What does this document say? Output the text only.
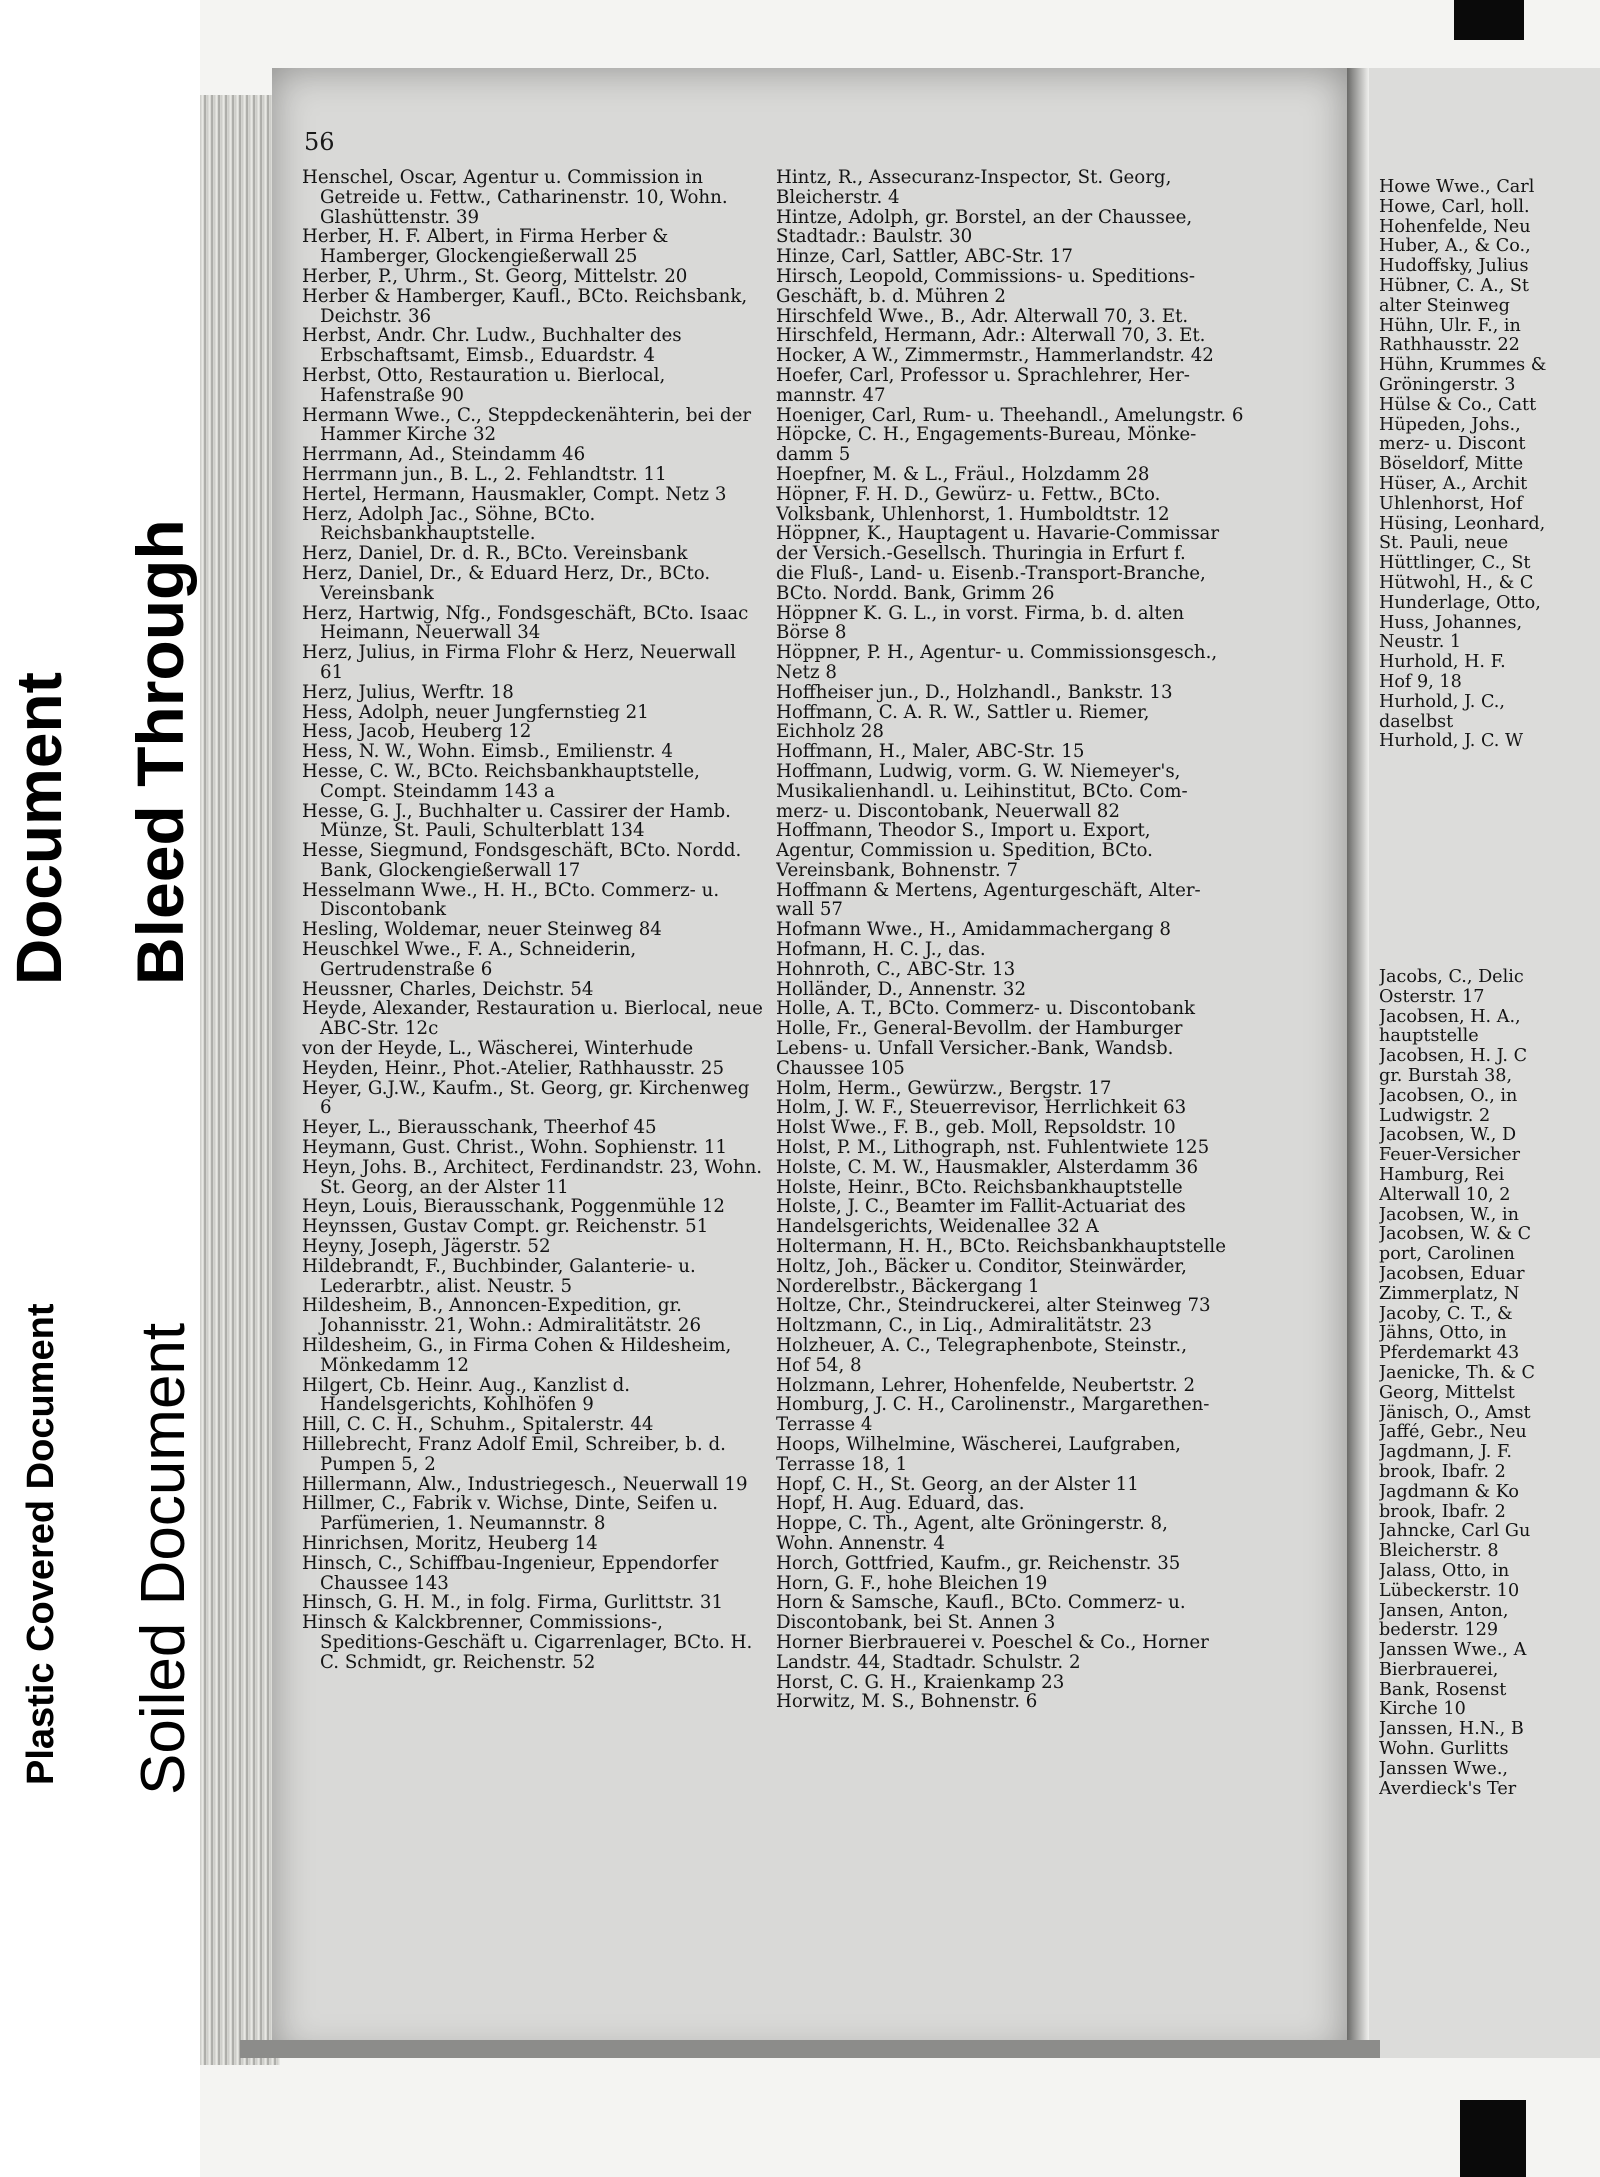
Document Bleed Through
Plastic Covered Document Soiled Document
56

Henschel, Oscar, Agentur u. Commission in Getreide u. Fettw., Catharinenstr. 10, Wohn. Glashüttenstr. 39

Herber, H. F. Albert, in Firma Herber & Hamberger, Glockengießerwall 25

Herber, P., Uhrm., St. Georg, Mittelstr. 20

Herber & Hamberger, Kaufl., BCto. Reichsbank, Deichstr. 36

Herbst, Andr. Chr. Ludw., Buchhalter des Erbschaftsamt, Eimsb., Eduardstr. 4

Herbst, Otto, Restauration u. Bierlocal, Hafenstraße 90

Hermann Wwe., C., Steppdeckenähterin, bei der Hammer Kirche 32

Herrmann, Ad., Steindamm 46

Herrmann jun., B. L., 2. Fehlandtstr. 11

Hertel, Hermann, Hausmakler, Compt. Netz 3

Herz, Adolph Jac., Söhne, BCto. Reichsbankhauptstelle.

Herz, Daniel, Dr. d. R., BCto. Vereinsbank

Herz, Daniel, Dr., & Eduard Herz, Dr., BCto. Vereinsbank

Herz, Hartwig, Nfg., Fondsgeschäft, BCto. Isaac Heimann, Neuerwall 34

Herz, Julius, in Firma Flohr & Herz, Neuerwall 61

Herz, Julius, Werftr. 18

Hess, Adolph, neuer Jungfernstieg 21

Hess, Jacob, Heuberg 12

Hess, N. W., Wohn. Eimsb., Emilienstr. 4

Hesse, C. W., BCto. Reichsbankhauptstelle, Compt. Steindamm 143 a

Hesse, G. J., Buchhalter u. Cassirer der Hamb. Münze, St. Pauli, Schulterblatt 134

Hesse, Siegmund, Fondsgeschäft, BCto. Nordd. Bank, Glockengießerwall 17

Hesselmann Wwe., H. H., BCto. Commerz- u. Discontobank

Hesling, Woldemar, neuer Steinweg 84

Heuschkel Wwe., F. A., Schneiderin, Gertrudenstraße 6

Heussner, Charles, Deichstr. 54

Heyde, Alexander, Restauration u. Bierlocal, neue ABC-Str. 12c

von der Heyde, L., Wäscherei, Winterhude

Heyden, Heinr., Phot.-Atelier, Rathhausstr. 25

Heyer, G.J.W., Kaufm., St. Georg, gr. Kirchenweg 6

Heyer, L., Bierausschank, Theerhof 45

Heymann, Gust. Christ., Wohn. Sophienstr. 11

Heyn, Johs. B., Architect, Ferdinandstr. 23, Wohn. St. Georg, an der Alster 11

Heyn, Louis, Bierausschank, Poggenmühle 12

Heynssen, Gustav Compt. gr. Reichenstr. 51

Heyny, Joseph, Jägerstr. 52

Hildebrandt, F., Buchbinder, Galanterie- u. Lederarbtr., alist. Neustr. 5

Hildesheim, B., Annoncen-Expedition, gr. Johannisstr. 21, Wohn.: Admiralitätstr. 26

Hildesheim, G., in Firma Cohen & Hildesheim, Mönkedamm 12

Hilgert, Cb. Heinr. Aug., Kanzlist d. Handelsgerichts, Kohlhöfen 9

Hill, C. C. H., Schuhm., Spitalerstr. 44

Hillebrecht, Franz Adolf Emil, Schreiber, b. d. Pumpen 5, 2

Hillermann, Alw., Industriegesch., Neuerwall 19

Hillmer, C., Fabrik v. Wichse, Dinte, Seifen u. Parfümerien, 1. Neumannstr. 8

Hinrichsen, Moritz, Heuberg 14

Hinsch, C., Schiffbau-Ingenieur, Eppendorfer Chaussee 143

Hinsch, G. H. M., in folg. Firma, Gurlittstr. 31

Hinsch & Kalckbrenner, Commissions-, Speditions-Geschäft u. Cigarrenlager, BCto. H. C. Schmidt, gr. Reichenstr. 52

Hintz, R., Assecuranz-Inspector, St. Georg,

Bleicherstr. 4

Hintze, Adolph, gr. Borstel, an der Chaussee,

Stadtadr.: Baulstr. 30

Hinze, Carl, Sattler, ABC-Str. 17

Hirsch, Leopold, Commissions- u. Speditions-

Geschäft, b. d. Mühren 2

Hirschfeld Wwe., B., Adr. Alterwall 70, 3. Et.

Hirschfeld, Hermann, Adr.: Alterwall 70, 3. Et.

Hocker, A W., Zimmermstr., Hammerlandstr. 42

Hoefer, Carl, Professor u. Sprachlehrer, Her-

mannstr. 47

Hoeniger, Carl, Rum- u. Theehandl., Amelungstr. 6

Höpcke, C. H., Engagements-Bureau, Mönke-

damm 5

Hoepfner, M. & L., Fräul., Holzdamm 28

Höpner, F. H. D., Gewürz- u. Fettw., BCto.

Volksbank, Uhlenhorst, 1. Humboldtstr. 12

Höppner, K., Hauptagent u. Havarie-Commissar

der Versich.-Gesellsch. Thuringia in Erfurt f.

die Fluß-, Land- u. Eisenb.-Transport-Branche,

BCto. Nordd. Bank, Grimm 26

Höppner K. G. L., in vorst. Firma, b. d. alten

Börse 8

Höppner, P. H., Agentur- u. Commissionsgesch.,

Netz 8

Hoffheiser jun., D., Holzhandl., Bankstr. 13

Hoffmann, C. A. R. W., Sattler u. Riemer,

Eichholz 28

Hoffmann, H., Maler, ABC-Str. 15

Hoffmann, Ludwig, vorm. G. W. Niemeyer's,

Musikalienhandl. u. Leihinstitut, BCto. Com-

merz- u. Discontobank, Neuerwall 82

Hoffmann, Theodor S., Import u. Export,

Agentur, Commission u. Spedition, BCto.

Vereinsbank, Bohnenstr. 7

Hoffmann & Mertens, Agenturgeschäft, Alter-

wall 57

Hofmann Wwe., H., Amidammachergang 8

Hofmann, H. C. J., das.

Hohnroth, C., ABC-Str. 13

Holländer, D., Annenstr. 32

Holle, A. T., BCto. Commerz- u. Discontobank

Holle, Fr., General-Bevollm. der Hamburger

Lebens- u. Unfall Versicher.-Bank, Wandsb.

Chaussee 105

Holm, Herm., Gewürzw., Bergstr. 17

Holm, J. W. F., Steuerrevisor, Herrlichkeit 63

Holst Wwe., F. B., geb. Moll, Repsoldstr. 10

Holst, P. M., Lithograph, nst. Fuhlentwiete 125

Holste, C. M. W., Hausmakler, Alsterdamm 36

Holste, Heinr., BCto. Reichsbankhauptstelle

Holste, J. C., Beamter im Fallit-Actuariat des

Handelsgerichts, Weidenallee 32 A

Holtermann, H. H., BCto. Reichsbankhauptstelle

Holtz, Joh., Bäcker u. Conditor, Steinwärder,

Norderelbstr., Bäckergang 1

Holtze, Chr., Steindruckerei, alter Steinweg 73

Holtzmann, C., in Liq., Admiralitätstr. 23

Holzheuer, A. C., Telegraphenbote, Steinstr.,

Hof 54, 8

Holzmann, Lehrer, Hohenfelde, Neubertstr. 2

Homburg, J. C. H., Carolinenstr., Margarethen-

Terrasse 4

Hoops, Wilhelmine, Wäscherei, Laufgraben,

Terrasse 18, 1

Hopf, C. H., St. Georg, an der Alster 11

Hopf, H. Aug. Eduard, das.

Hoppe, C. Th., Agent, alte Gröningerstr. 8,

Wohn. Annenstr. 4

Horch, Gottfried, Kaufm., gr. Reichenstr. 35

Horn, G. F., hohe Bleichen 19

Horn & Samsche, Kaufl., BCto. Commerz- u.

Discontobank, bei St. Annen 3

Horner Bierbrauerei v. Poeschel & Co., Horner

Landstr. 44, Stadtadr. Schulstr. 2

Horst, C. G. H., Kraienkamp 23

Horwitz, M. S., Bohnenstr. 6

Howe Wwe., Carl

Howe, Carl, holl.

Hohenfelde, Neu

Huber, A., & Co.,

Hudoffsky, Julius

Hübner, C. A., St

alter Steinweg

Hühn, Ulr. F., in

Rathhausstr. 22

Hühn, Krummes &

Gröningerstr. 3

Hülse & Co., Catt

Hüpeden, Johs.,

merz- u. Discont

Böseldorf, Mitte

Hüser, A., Archit

Uhlenhorst, Hof

Hüsing, Leonhard,

St. Pauli, neue

Hüttlinger, C., St

Hütwohl, H., & C

Hunderlage, Otto,

Huss, Johannes,

Neustr. 1

Hurhold, H. F.

Hof 9, 18

Hurhold, J. C.,

daselbst

Hurhold, J. C. W

Jacobs, C., Delic

Osterstr. 17

Jacobsen, H. A.,

hauptstelle

Jacobsen, H. J. C

gr. Burstah 38,

Jacobsen, O., in

Ludwigstr. 2

Jacobsen, W., D

Feuer-Versicher

Hamburg, Rei

Alterwall 10, 2

Jacobsen, W., in

Jacobsen, W. & C

port, Carolinen

Jacobsen, Eduar

Zimmerplatz, N

Jacoby, C. T., &

Jähns, Otto, in

Pferdemarkt 43

Jaenicke, Th. & C

Georg, Mittelst

Jänisch, O., Amst

Jaffé, Gebr., Neu

Jagdmann, J. F.

brook, Ibafr. 2

Jagdmann & Ko

brook, Ibafr. 2

Jahncke, Carl Gu

Bleicherstr. 8

Jalass, Otto, in

Lübeckerstr. 10

Jansen, Anton,

bederstr. 129

Janssen Wwe., A

Bierbrauerei,

Bank, Rosenst

Kirche 10

Janssen, H.N., B

Wohn. Gurlitts

Janssen Wwe.,

Averdieck's Ter
